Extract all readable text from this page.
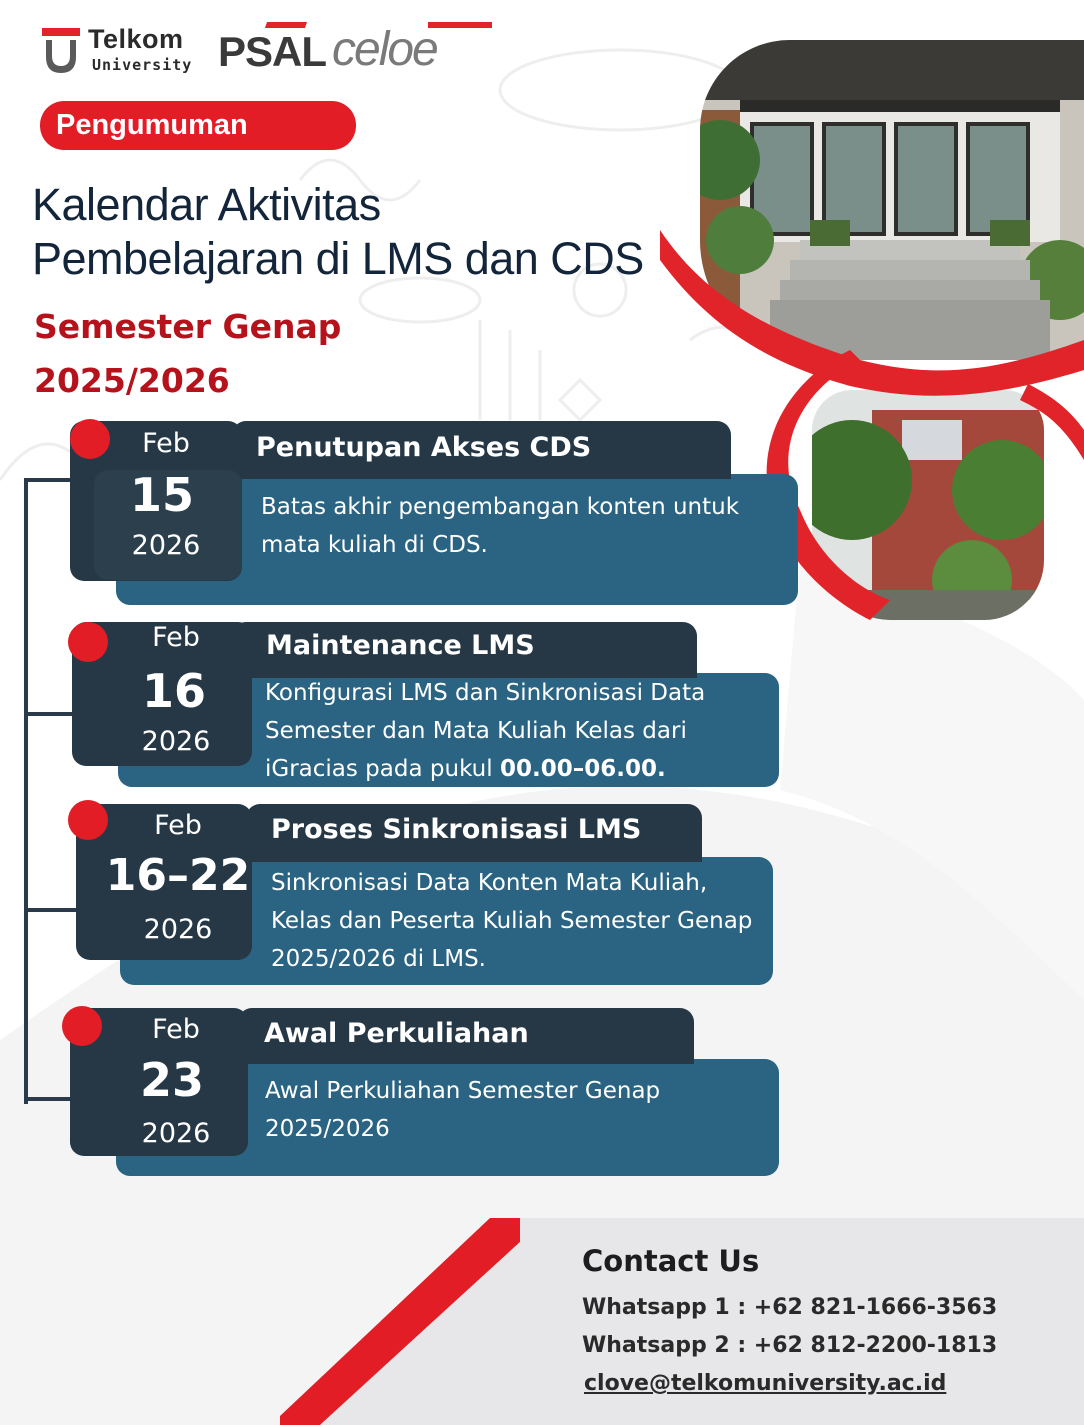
Telkom
University PSAL celoe
Pengumuman
Kalendar Aktivitas
Pembelajaran di LMS dan CDS
Semester Genap
2025/2026
Feb
15
2026
Penutupan Akses CDS
Batas akhir pengembangan konten untuk mata kuliah di CDS.
Feb
16
2026
Maintenance LMS
Konfigurasi LMS dan Sinkronisasi Data Semester dan Mata Kuliah Kelas dari iGracias pada pukul 00.00–06.00.
Feb
16–22
2026
Proses Sinkronisasi LMS
Sinkronisasi Data Konten Mata Kuliah, Kelas dan Peserta Kuliah Semester Genap 2025/2026 di LMS.
Feb
23
2026
Awal Perkuliahan
Awal Perkuliahan Semester Genap 2025/2026
Contact Us
Whatsapp 1 : +62 821-1666-3563
Whatsapp 2 : +62 812-2200-1813
clove@telkomuniversity.ac.id
